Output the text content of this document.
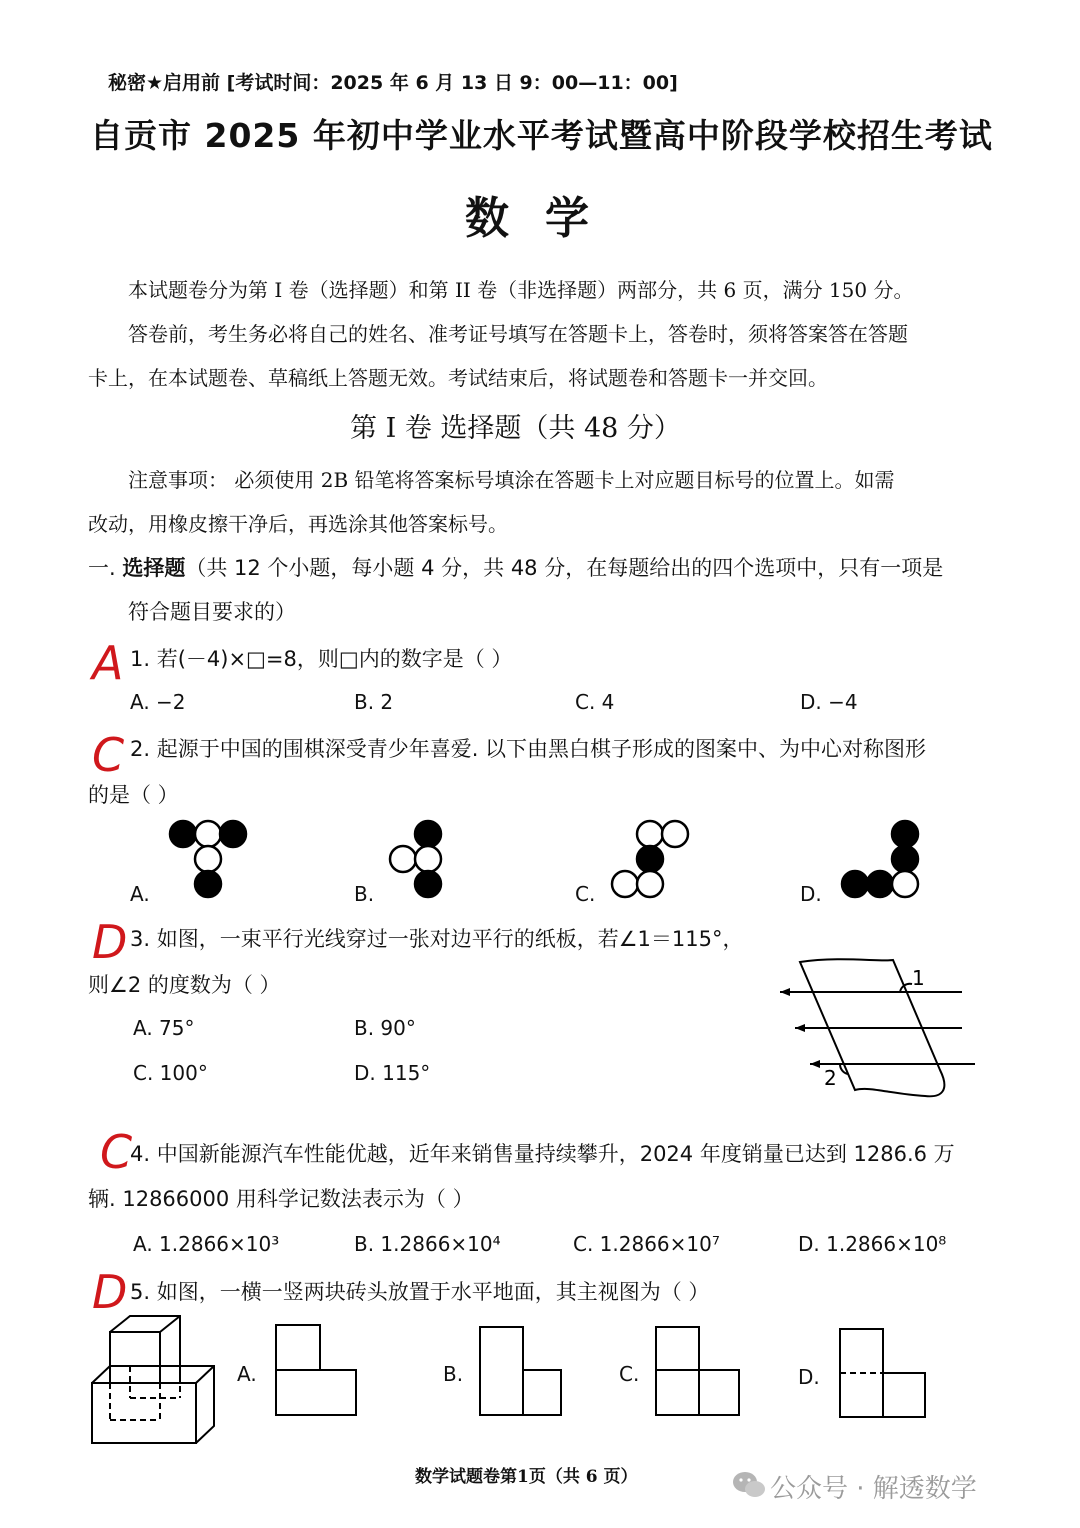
秘密★启用前 [考试时间：2025 年 6 月 13 日 9：00—11：00]
自贡市 2025 年初中学业水平考试暨高中阶段学校招生考试
数学
本试题卷分为第 I 卷（选择题）和第 II 卷（非选择题）两部分，共 6 页，满分 150 分。
答卷前，考生务必将自己的姓名、准考证号填写在答题卡上，答卷时，须将答案答在答题
卡上，在本试题卷、草稿纸上答题无效。考试结束后，将试题卷和答题卡一并交回。
第 I 卷 选择题（共 48 分）
注意事项： 必须使用 2B 铅笔将答案标号填涂在答题卡上对应题目标号的位置上。如需
改动，用橡皮擦干净后，再选涂其他答案标号。
一. 选择题（共 12 个小题，每小题 4 分，共 48 分，在每题给出的四个选项中，只有一项是
符合题目要求的）
A 1. 若(－4)×□=8，则□内的数字是（ ）
A. −2	B. 2	C. 4	D. −4
C 2. 起源于中国的围棋深受青少年喜爱. 以下由黑白棋子形成的图案中、为中心对称图形
的是（ ）
A.	B.	C.	D.
D 3. 如图，一束平行光线穿过一张对边平行的纸板，若∠1＝115°，
则∠2 的度数为（ ）
A. 75°	B. 90°
C. 100°	D. 115°
1
2
C
4. 中国新能源汽车性能优越，近年来销售量持续攀升，2024 年度销量已达到 1286.6 万
辆. 12866000 用科学记数法表示为（ ）
A. 1.2866×10³	B. 1.2866×10⁴	C. 1.2866×10⁷	D. 1.2866×10⁸
D 5. 如图，一横一竖两块砖头放置于水平地面，其主视图为（ ）
A.	B.	C.	D.
数学试题卷第1页（共 6 页）	公众号 · 解透数学
